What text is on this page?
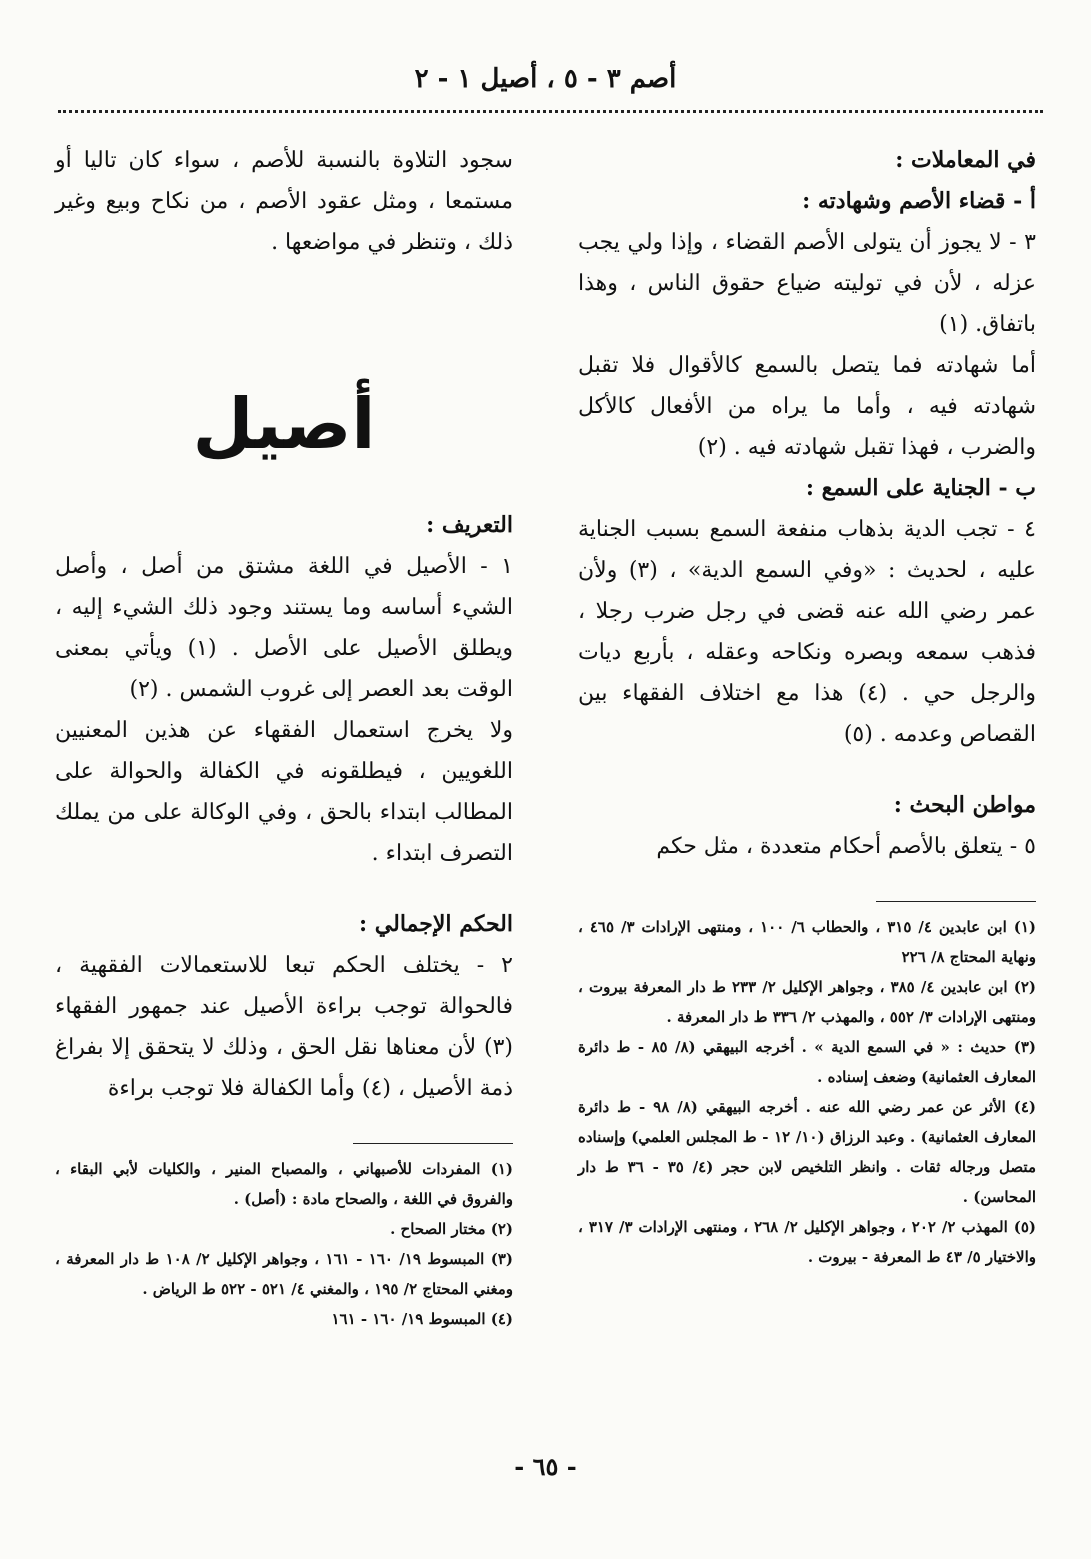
أصم ٣ - ٥ ، أصيل ١ - ٢

في المعاملات :

أ - قضاء الأصم وشهادته :

٣ - لا يجوز أن يتولى الأصم القضاء ، وإذا ولي يجب عزله ، لأن في توليته ضياع حقوق الناس ، وهذا باتفاق. (١)

أما شهادته فما يتصل بالسمع كالأقوال فلا تقبل شهادته فيه ، وأما ما يراه من الأفعال كالأكل والضرب ، فهذا تقبل شهادته فيه . (٢)

ب - الجناية على السمع :

٤ - تجب الدية بذهاب منفعة السمع بسبب الجناية عليه ، لحديث : «وفي السمع الدية» ، (٣) ولأن عمر رضي الله عنه قضى في رجل ضرب رجلا ، فذهب سمعه وبصره ونكاحه وعقله ، بأربع ديات والرجل حي . (٤) هذا مع اختلاف الفقهاء بين القصاص وعدمه . (٥)

مواطن البحث :

٥ - يتعلق بالأصم أحكام متعددة ، مثل حكم

(١) ابن عابدين ٤/ ٣١٥ ، والحطاب ٦/ ١٠٠ ، ومنتهى الإرادات ٣/ ٤٦٥ ، ونهاية المحتاج ٨/ ٢٢٦

(٢) ابن عابدين ٤/ ٣٨٥ ، وجواهر الإكليل ٢/ ٢٣٣ ط دار المعرفة بيروت ، ومنتهى الإرادات ٣/ ٥٥٢ ، والمهذب ٢/ ٣٣٦ ط دار المعرفة .

(٣) حديث : « في السمع الدية » . أخرجه البيهقي (٨/ ٨٥ - ط دائرة المعارف العثمانية) وضعف إسناده .

(٤) الأثر عن عمر رضي الله عنه . أخرجه البيهقي (٨/ ٩٨ - ط دائرة المعارف العثمانية) . وعبد الرزاق (١٠/ ١٢ - ط المجلس العلمي) وإسناده متصل ورجاله ثقات . وانظر التلخيص لابن حجر (٤/ ٣٥ - ٣٦ ط دار المحاسن) .

(٥) المهذب ٢/ ٢٠٢ ، وجواهر الإكليل ٢/ ٢٦٨ ، ومنتهى الإرادات ٣/ ٣١٧ ، والاختيار ٥/ ٤٣ ط المعرفة - بيروت .

سجود التلاوة بالنسبة للأصم ، سواء كان تاليا أو مستمعا ، ومثل عقود الأصم ، من نكاح وبيع وغير ذلك ، وتنظر في مواضعها .

أصيل

التعريف :

١ - الأصيل في اللغة مشتق من أصل ، وأصل الشيء أساسه وما يستند وجود ذلك الشيء إليه ، ويطلق الأصيل على الأصل . (١) ويأتي بمعنى الوقت بعد العصر إلى غروب الشمس . (٢)

ولا يخرج استعمال الفقهاء عن هذين المعنيين اللغويين ، فيطلقونه في الكفالة والحوالة على المطالب ابتداء بالحق ، وفي الوكالة على من يملك التصرف ابتداء .

الحكم الإجمالي :

٢ - يختلف الحكم تبعا للاستعمالات الفقهية ، فالحوالة توجب براءة الأصيل عند جمهور الفقهاء (٣) لأن معناها نقل الحق ، وذلك لا يتحقق إلا بفراغ ذمة الأصيل ، (٤) وأما الكفالة فلا توجب براءة

(١) المفردات للأصبهاني ، والمصباح المنير ، والكليات لأبي البقاء ، والفروق في اللغة ، والصحاح مادة : (أصل) .

(٢) مختار الصحاح .

(٣) المبسوط ١٩/ ١٦٠ - ١٦١ ، وجواهر الإكليل ٢/ ١٠٨ ط دار المعرفة ، ومغني المحتاج ٢/ ١٩٥ ، والمغني ٤/ ٥٢١ - ٥٢٢ ط الرياض .

(٤) المبسوط ١٩/ ١٦٠ - ١٦١

- ٦٥ -
